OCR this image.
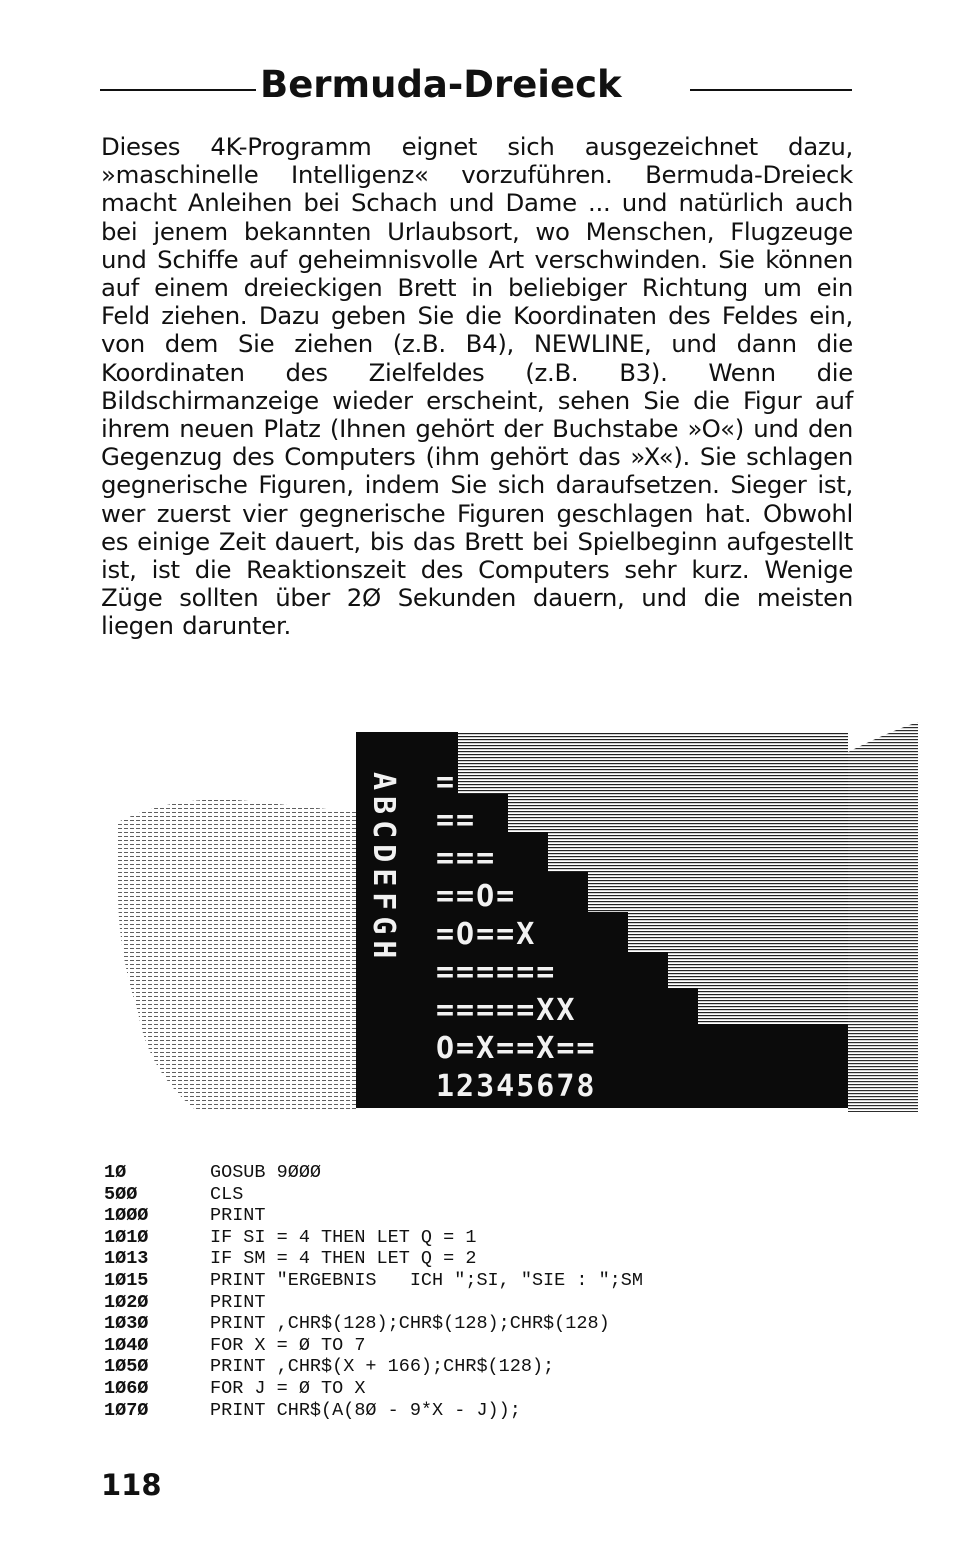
Bermuda-Dreieck
Dieses 4K-Programm eignet sich ausgezeichnet dazu, »maschinelle Intelligenz« vorzuführen. Bermuda-Dreieck macht Anleihen bei Schach und Dame ... und natürlich auch bei jenem bekannten Urlaubsort, wo Menschen, Flugzeuge und Schiffe auf geheimnisvolle Art verschwinden. Sie können auf einem dreieckigen Brett in beliebiger Richtung um ein Feld ziehen. Dazu geben Sie die Koordinaten des Feldes ein, von dem Sie ziehen (z.B. B4), NEWLINE, und dann die Koordinaten des Zielfeldes (z.B. B3). Wenn die Bildschirmanzeige wieder erscheint, sehen Sie die Figur auf ihrem neuen Platz (Ihnen gehört der Buchstabe »O«) und den Gegenzug des Computers (ihm gehört das »X«). Sie schlagen gegnerische Figuren, indem Sie sich daraufsetzen. Sieger ist, wer zuerst vier gegnerische Figuren geschlagen hat. Obwohl es einige Zeit dauert, bis das Brett bei Spielbeginn aufgestellt ist, ist die Reaktionszeit des Computers sehr kurz. Wenige Züge sollten über 2Ø Sekunden dauern, und die meisten liegen darunter.
ABCDEFGH =
==
===
==O=
=O==X
======
=====XX
O=X==X==
12345678
1Ø	GOSUB 9ØØØ
5ØØ	CLS
1ØØØ	PRINT
1Ø1Ø	IF SI = 4 THEN LET Q = 1
1Ø13	IF SM = 4 THEN LET Q = 2
1Ø15	PRINT "ERGEBNIS   ICH ";SI, "SIE : ";SM
1Ø2Ø	PRINT
1Ø3Ø	PRINT ,CHR$(128);CHR$(128);CHR$(128)
1Ø4Ø	FOR X = Ø TO 7
1Ø5Ø	PRINT ,CHR$(X + 166);CHR$(128);
1Ø6Ø	FOR J = Ø TO X
1Ø7Ø	PRINT CHR$(A(8Ø - 9*X - J));
118
